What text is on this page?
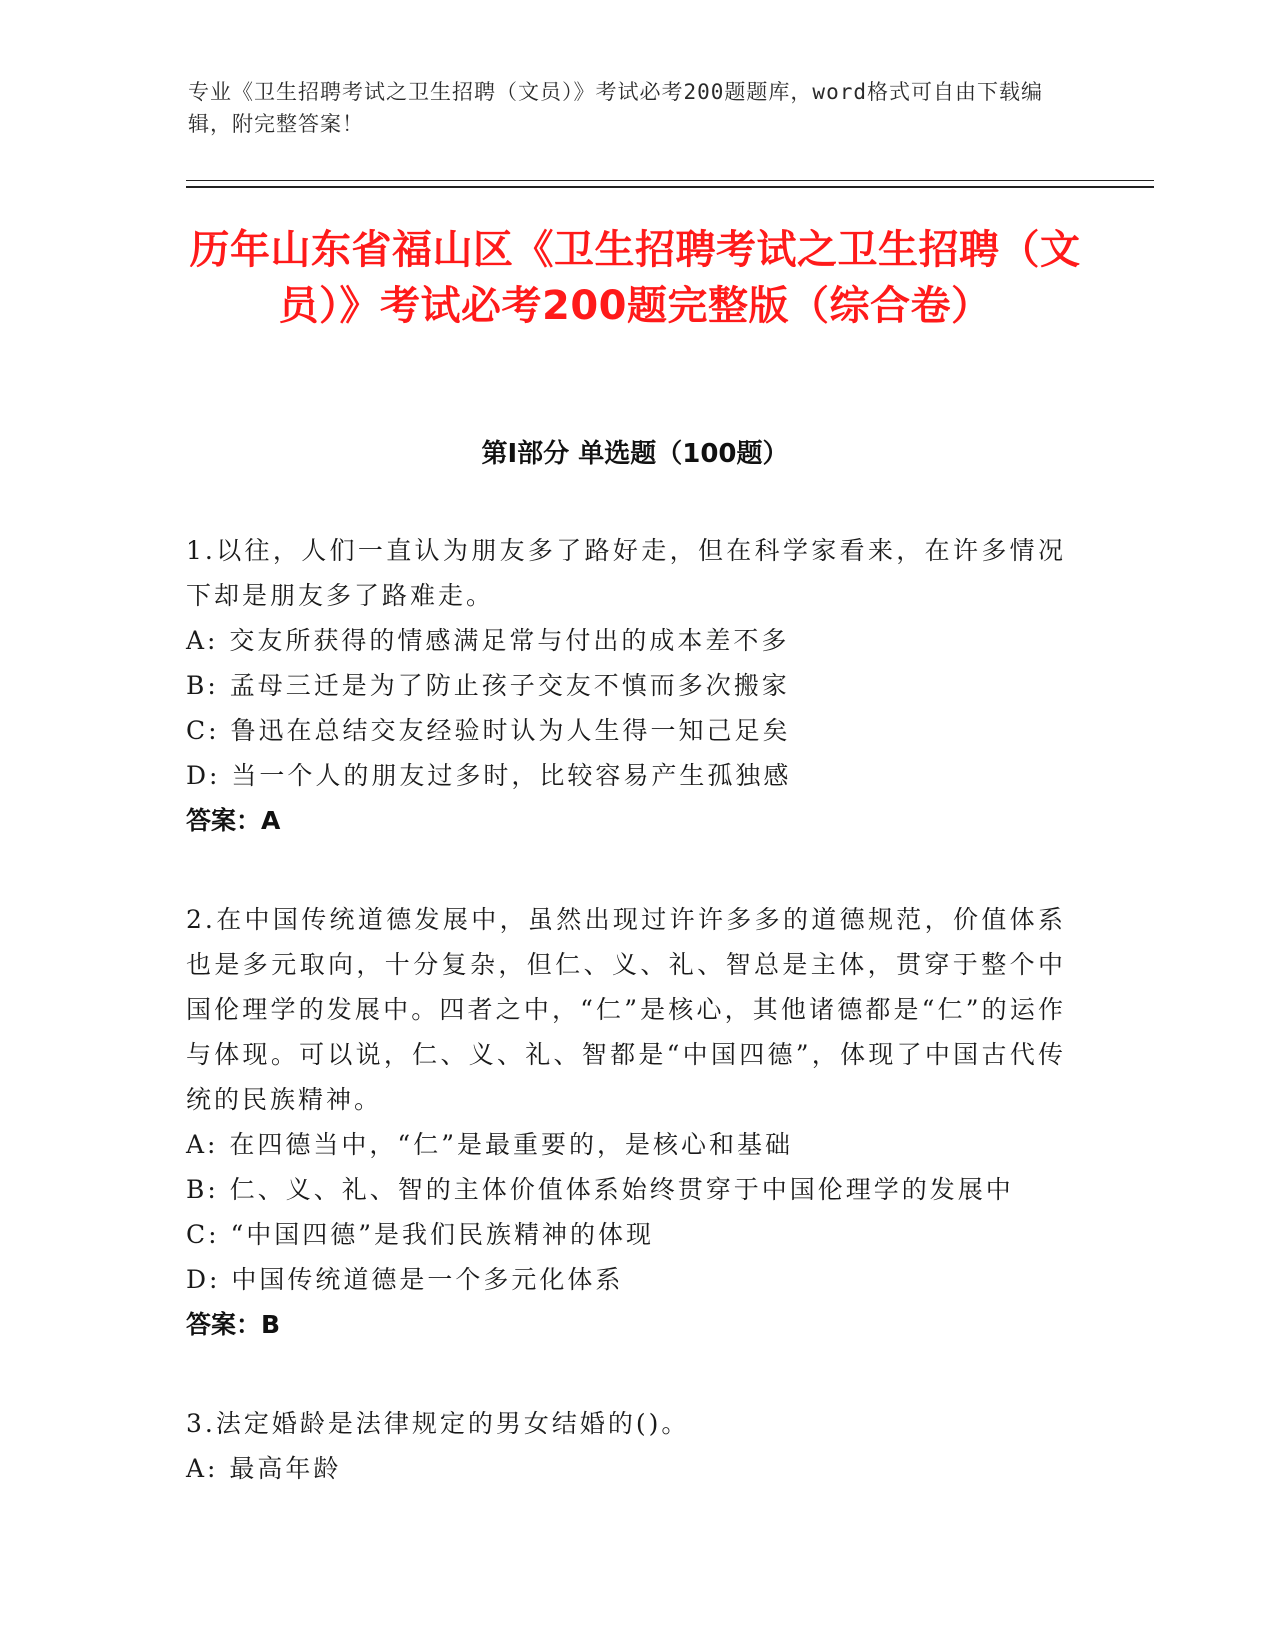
专业《卫生招聘考试之卫生招聘（文员）》考试必考200题题库，word格式可自由下载编辑，附完整答案！
历年山东省福山区《卫生招聘考试之卫生招聘（文员）》考试必考200题完整版（综合卷）
第I部分 单选题（100题）
1.以往，人们一直认为朋友多了路好走，但在科学家看来，在许多情况下却是朋友多了路难走。
A: 交友所获得的情感满足常与付出的成本差不多
B: 孟母三迁是为了防止孩子交友不慎而多次搬家
C: 鲁迅在总结交友经验时认为人生得一知己足矣
D: 当一个人的朋友过多时，比较容易产生孤独感
答案：A
2.在中国传统道德发展中，虽然出现过许许多多的道德规范，价值体系也是多元取向，十分复杂，但仁、义、礼、智总是主体，贯穿于整个中国伦理学的发展中。四者之中，“仁”是核心，其他诸德都是“仁”的运作与体现。可以说，仁、义、礼、智都是“中国四德”，体现了中国古代传统的民族精神。
A: 在四德当中，“仁”是最重要的，是核心和基础
B: 仁、义、礼、智的主体价值体系始终贯穿于中国伦理学的发展中
C: “中国四德”是我们民族精神的体现
D: 中国传统道德是一个多元化体系
答案：B
3.法定婚龄是法律规定的男女结婚的()。
A: 最高年龄
